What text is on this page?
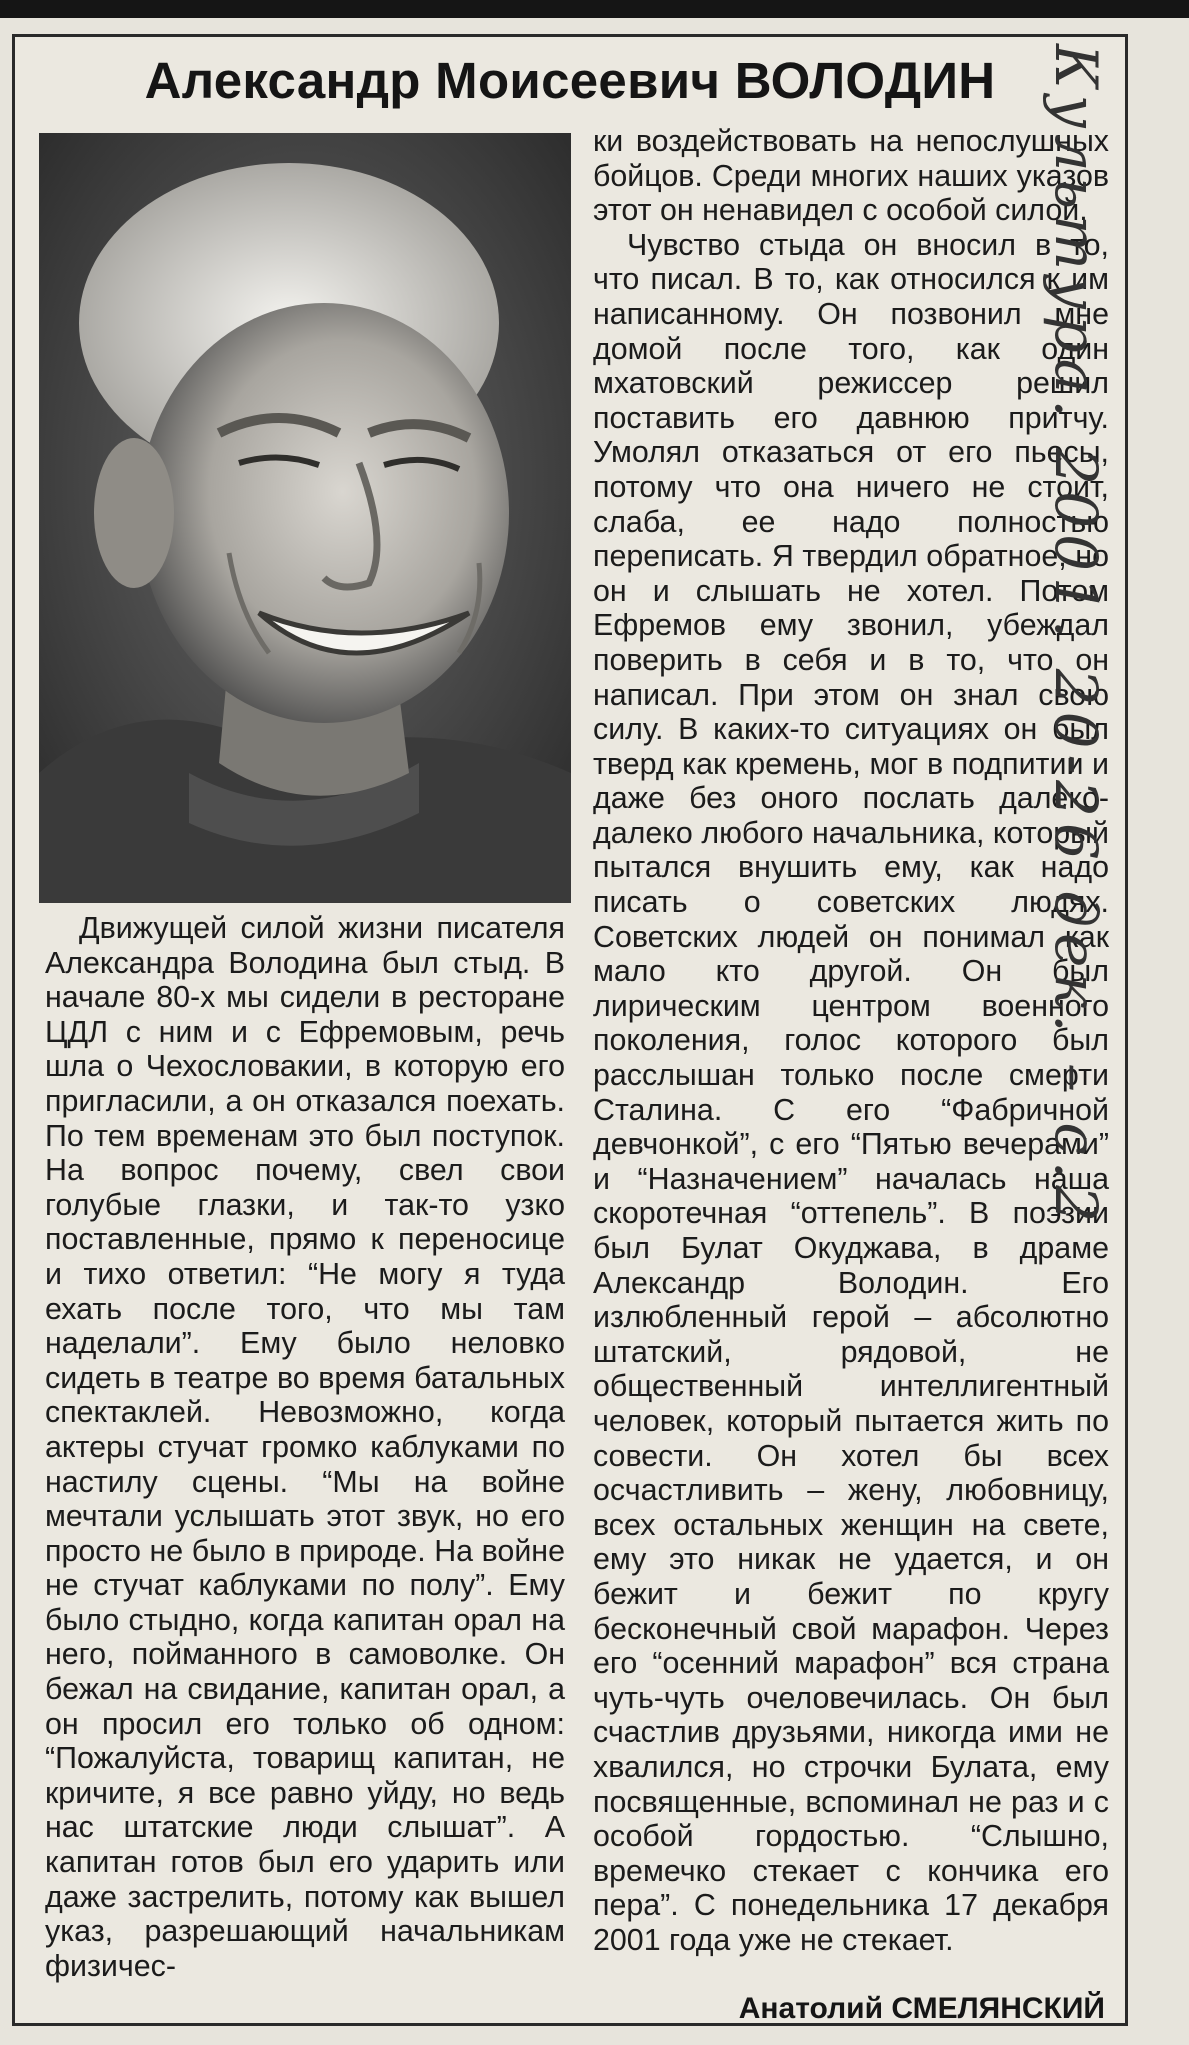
Александр Моисеевич ВОЛОДИН

Движущей силой жизни писателя Александра Володина был стыд. В начале 80-х мы сидели в ресторане ЦДЛ с ним и с Ефремовым, речь шла о Чехословакии, в которую его пригласили, а он отказался поехать. По тем временам это был поступок. На вопрос почему, свел свои голубые глазки, и так-то узко поставленные, прямо к переносице и тихо ответил: “Не могу я туда ехать после того, что мы там наделали”. Ему было неловко сидеть в театре во время батальных спектаклей. Невозможно, когда актеры стучат громко каблуками по настилу сцены. “Мы на войне мечтали услышать этот звук, но его просто не было в природе. На войне не стучат каблуками по полу”. Ему было стыдно, когда капитан орал на него, пойманного в самоволке. Он бежал на свидание, капитан орал, а он просил его только об одном: “Пожалуйста, товарищ капитан, не кричите, я все равно уйду, но ведь нас штатские люди слышат”. А капитан готов был его ударить или даже застрелить, потому как вышел указ, разрешающий начальникам физичес-

ки воздействовать на непослушных бойцов. Среди многих наших указов этот он ненавидел с особой силой.

Чувство стыда он вносил в то, что писал. В то, как относился к им написанному. Он позвонил мне домой после того, как один мхатовский режиссер решил поставить его давнюю притчу. Умолял отказаться от его пьесы, потому что она ничего не стоит, слаба, ее надо полностью переписать. Я твердил обратное, но он и слышать не хотел. Потом Ефремов ему звонил, убеждал поверить в себя и в то, что он написал. При этом он знал свою силу. В каких-то ситуациях он был тверд как кремень, мог в подпитии и даже без оного послать далеко-далеко любого начальника, который пытался внушить ему, как надо писать о советских людях. Советских людей он понимал как мало кто другой. Он был лирическим центром военного поколения, голос которого был расслышан только после смерти Сталина. С его “Фабричной девчонкой”, с его “Пятью вечерами” и “Назначением” началась наша скоротечная “оттепель”. В поэзии был Булат Окуджава, в драме Александр Володин. Его излюбленный герой – абсолютно штатский, рядовой, не общественный интеллигентный человек, который пытается жить по совести. Он хотел бы всех осчастливить – жену, любовницу, всех остальных женщин на свете, ему это никак не удается, и он бежит и бежит по кругу бесконечный свой марафон. Через его “осенний марафон” вся страна чуть-чуть очеловечилась. Он был счастлив друзьями, никогда ими не хвалился, но строчки Булата, ему посвященные, вспоминал не раз и с особой гордостью. “Слышно, времечко стекает с кончика его пера”. С понедельника 17 декабря 2001 года уже не стекает.

Анатолий СМЕЛЯНСКИЙ
Культура. 2001. 20-26 дек. – с.2
